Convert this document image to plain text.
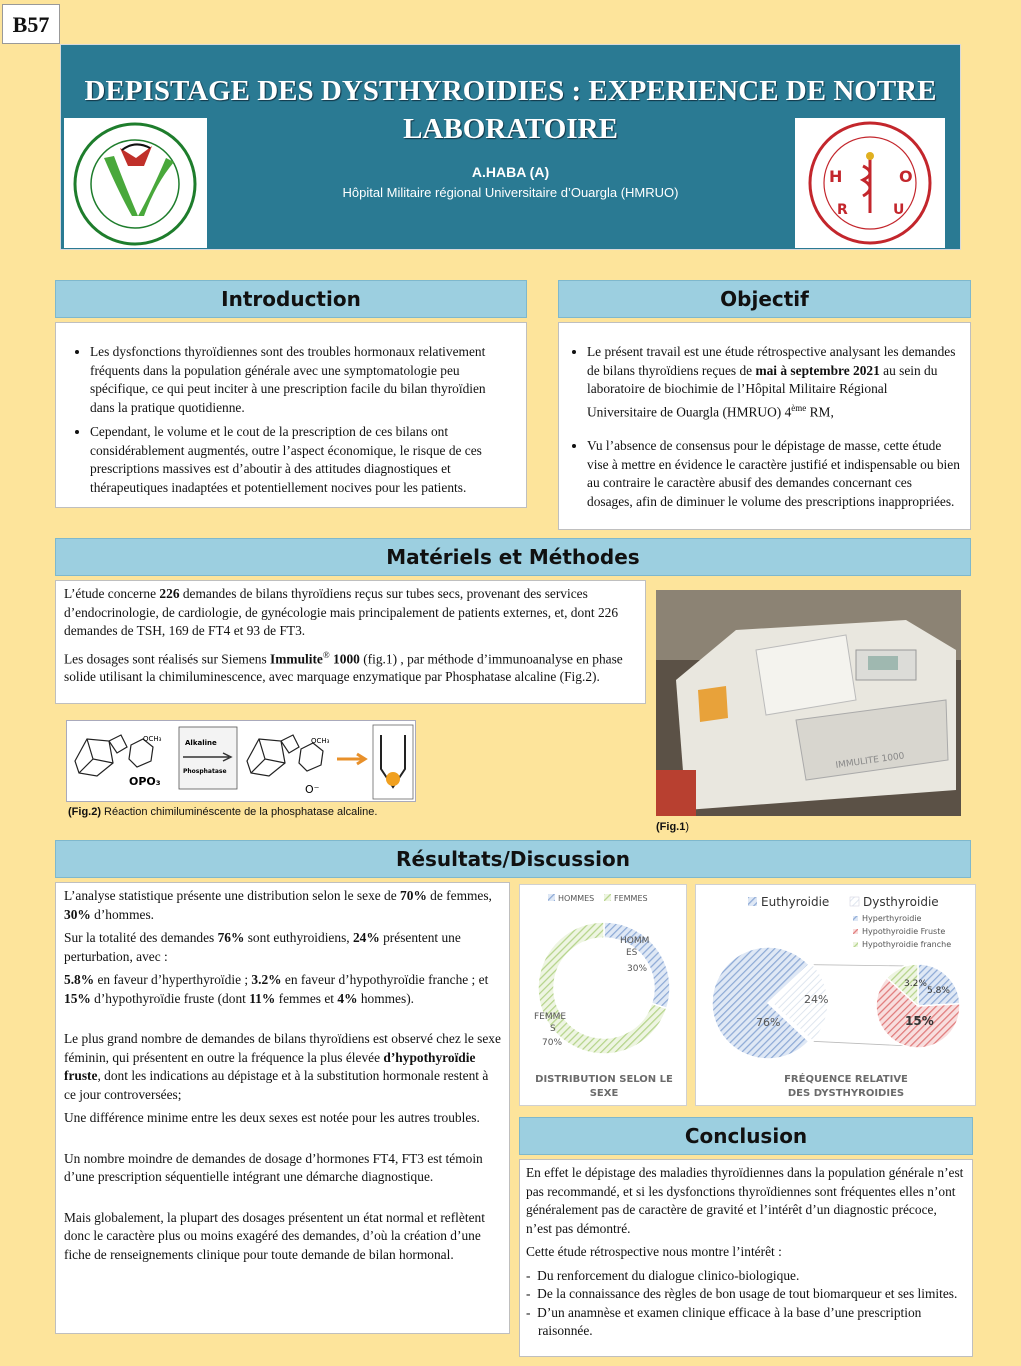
B57
DEPISTAGE DES DYSTHYROIDIES : EXPERIENCE DE NOTRE
LABORATOIRE
A.HABA (A)
Hôpital Militaire régional Universitaire d’Ouargla (HMRUO)
H	O
R	U
Introduction
• Les dysfonctions thyroïdiennes sont des troubles hormonaux relativement fréquents dans la population générale avec une symptomatologie peu spécifique, ce qui peut inciter à une prescription facile du bilan thyroïdien dans la pratique quotidienne.
• Cependant, le volume et le cout de la prescription de ces bilans ont considérablement augmentés, outre l’aspect économique, le risque de ces prescriptions massives est d’aboutir à des attitudes diagnostiques et thérapeutiques inadaptées et potentiellement nocives pour les patients.
Objectif
• Le présent travail est une étude rétrospective analysant les demandes de bilans thyroïdiens reçues de mai à septembre 2021 au sein du laboratoire de biochimie de l’Hôpital Militaire Régional Universitaire de Ouargla (HMRUO) 4ème RM,
• Vu l’absence de consensus pour le dépistage de masse, cette étude vise à mettre en évidence le caractère justifié et indispensable ou bien au contraire le caractère abusif des demandes concernant ces dosages, afin de diminuer le volume des prescriptions inappropriées.
Matériels et Méthodes

L’étude concerne 226 demandes de bilans thyroïdiens reçus sur tubes secs, provenant des services d’endocrinologie, de cardiologie, de gynécologie mais principalement de patients externes, et, dont 226 demandes de TSH, 169 de FT4 et 93 de FT3.

Les dosages sont réalisés sur Siemens Immulite® 1000 (fig.1) , par méthode d’immunoanalyse en phase solide utilisant la chimiluminescence, avec marquage enzymatique par Phosphatase alcaline (Fig.2).

OCH₃
OPO₃
Alkaline
Phosphatase
OCH₃
O⁻
(Fig.2) Réaction chimiluminéscente de la phosphatase alcaline.
IMMULITE 1000
(Fig.1)
Résultats/Discussion

L’analyse statistique présente une distribution selon le sexe de 70% de femmes, 30% d’hommes.

Sur la totalité des demandes 76% sont euthyroidiens, 24% présentent une perturbation, avec :

5.8% en faveur d’hyperthyroïdie ; 3.2% en faveur d’hypothyroïdie franche ; et 15% d’hypothyroïdie fruste (dont 11% femmes et 4% hommes).

Le plus grand nombre de demandes de bilans thyroïdiens est observé chez le sexe féminin, qui présentent en outre la fréquence la plus élevée d’hypothyroïdie fruste, dont les indications au dépistage et à la substitution hormonale restent à ce jour controversées;

Une différence minime entre les deux sexes est notée pour les autres troubles.

Un nombre moindre de demandes de dosage d’hormones FT4, FT3 est témoin d’une prescription séquentielle intégrant une démarche diagnostique.

Mais globalement, la plupart des dosages présentent un état normal et reflètent donc le caractère plus ou moins exagéré des demandes, d’où la création d’une fiche de renseignements clinique pour toute demande de bilan hormonal.

HOMMES FEMMES
HOMM
ES
30%
FEMME
S
70%
DISTRIBUTION SELON LE
SEXE
Euthyroidie	Dysthyroidie
Hyperthyroidie
Hypothyroidie Fruste
Hypothyroidie franche
76%
24%
15%
5.8%
3.2%
FRÉQUENCE RELATIVE
DES DYSTHYROIDIES
Conclusion

En effet le dépistage des maladies thyroïdiennes dans la population générale n’est pas recommandé, et si les dysfonctions thyroïdiennes sont fréquentes elles n’ont généralement pas de caractère de gravité et l’intérêt d’un diagnostic précoce, n’est pas démontré.

Cette étude rétrospective nous montre l’intérêt :

-  Du renforcement du dialogue clinico-biologique.
-  De la connaissance des règles de bon usage de tout biomarqueur et ses limites.
-  D’un anamnèse et examen clinique efficace à la base d’une prescription raisonnée.
